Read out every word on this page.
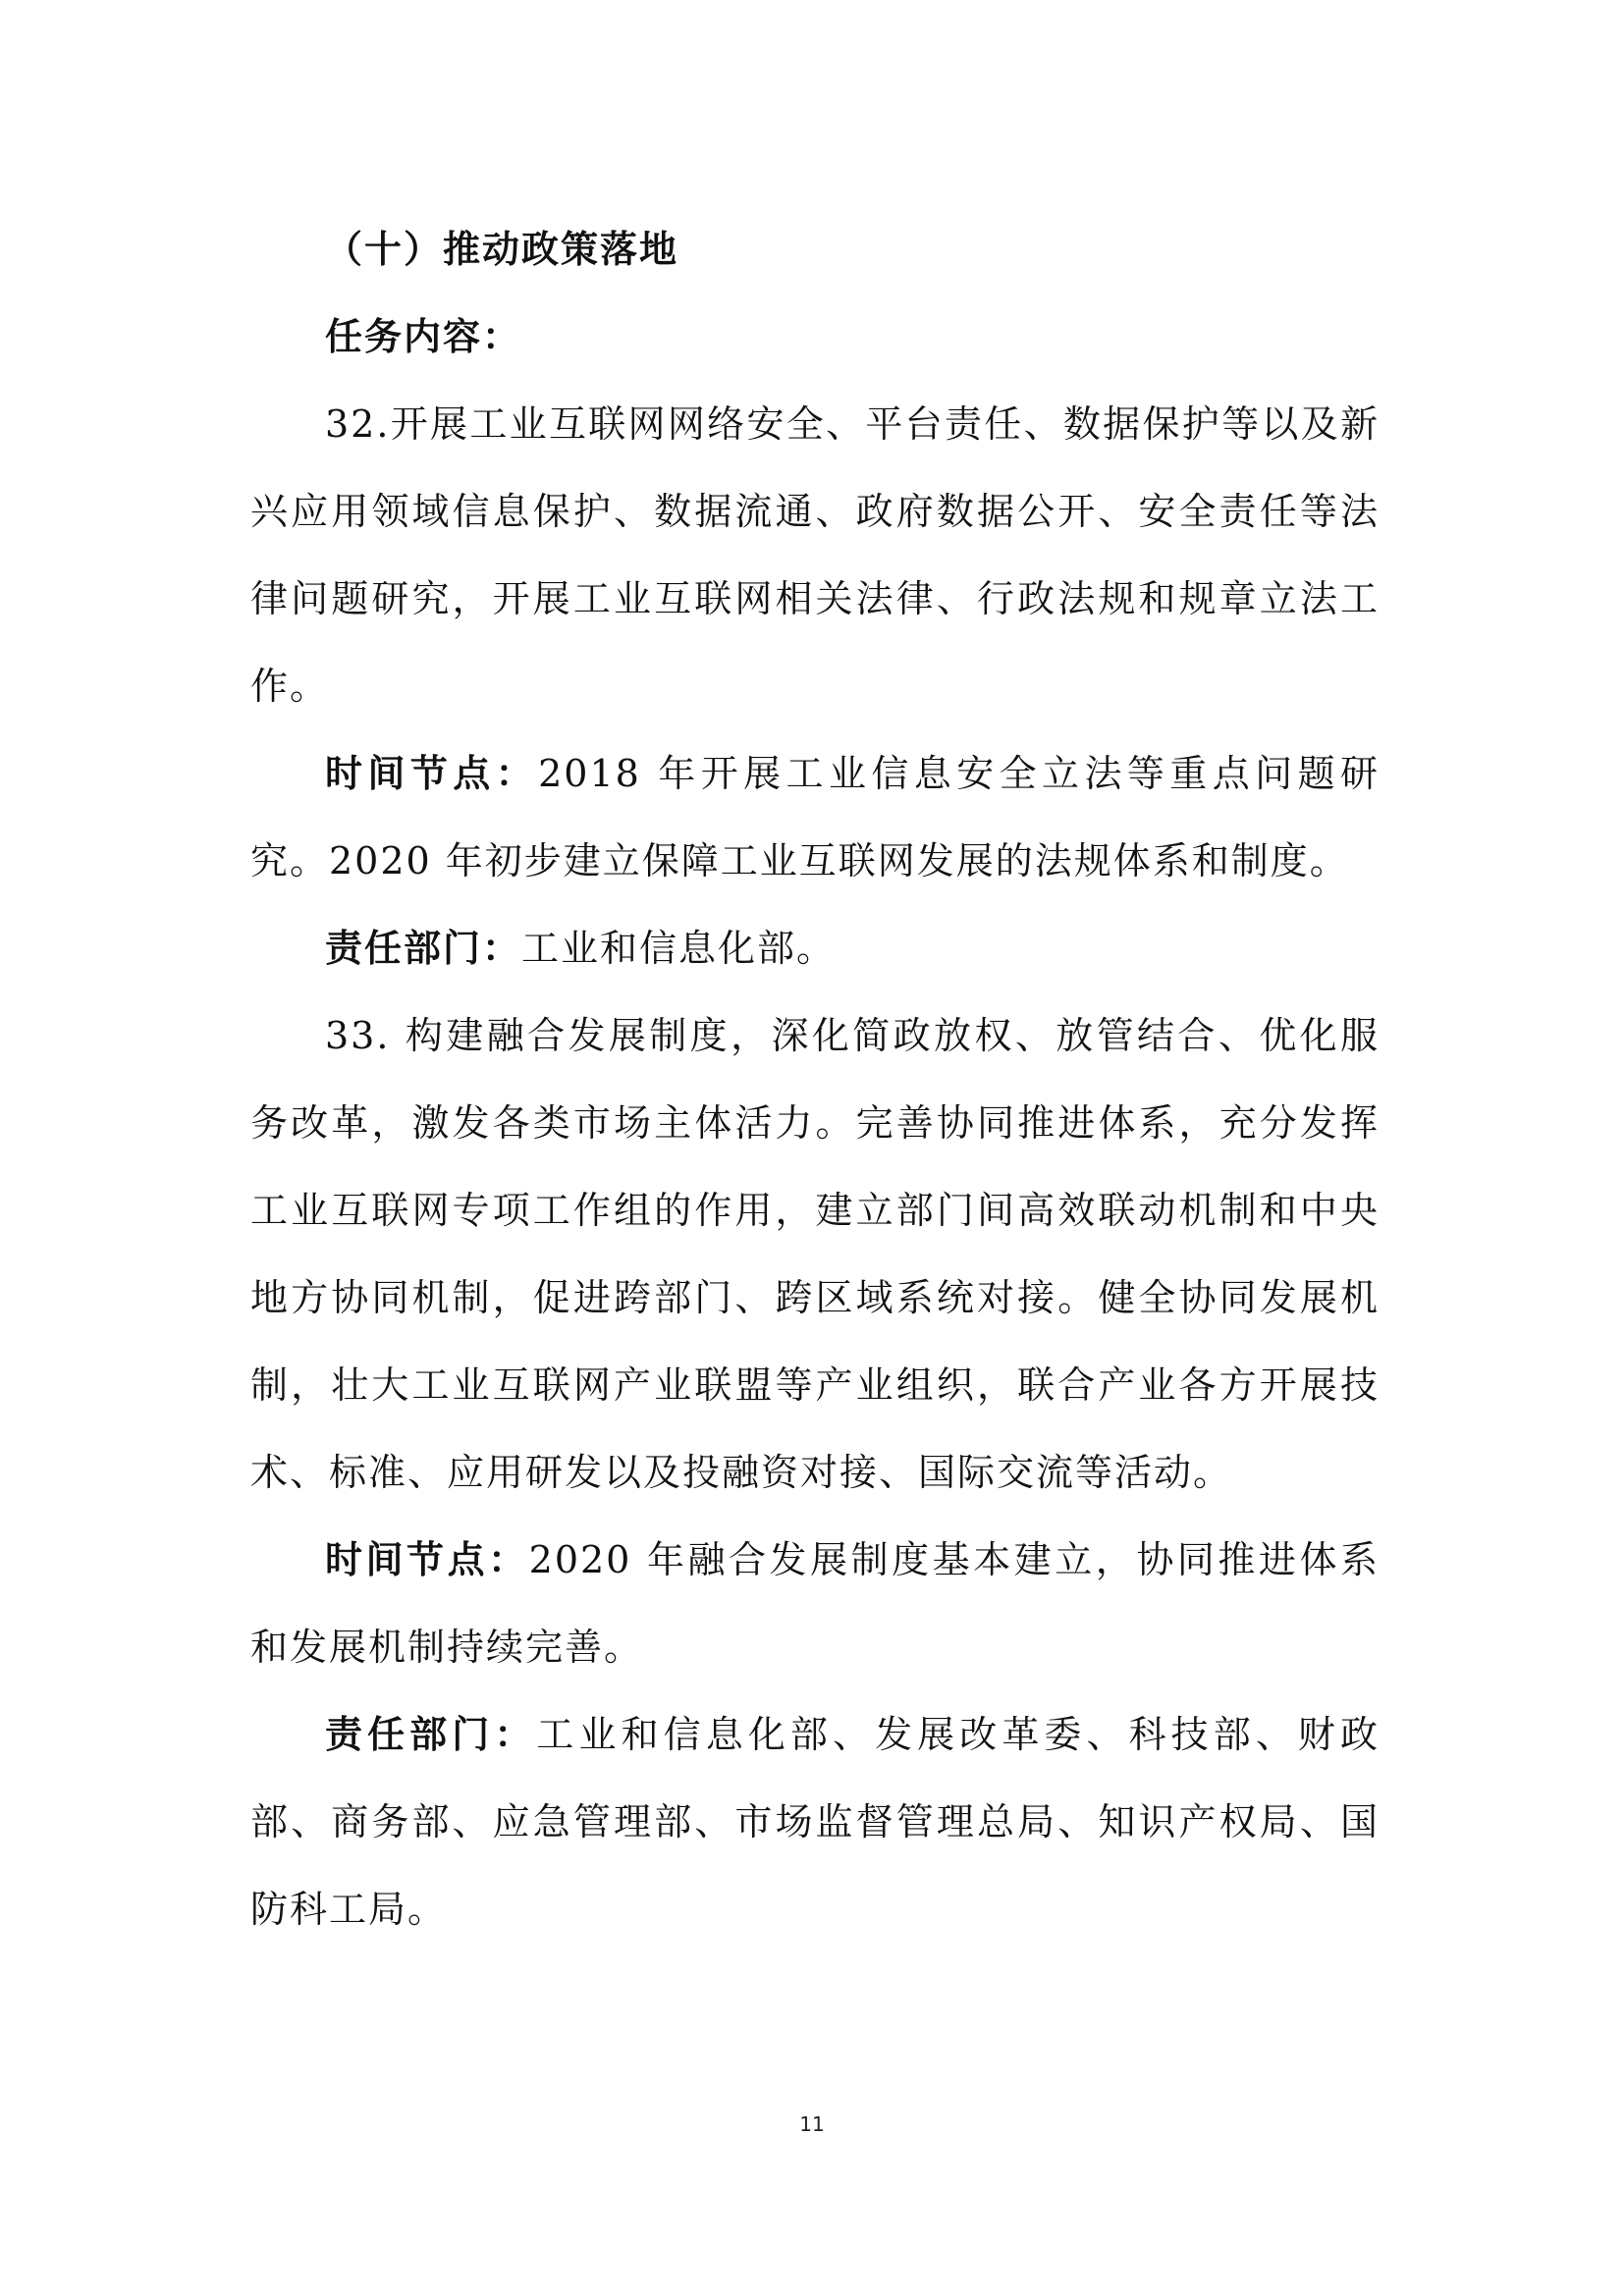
（十）推动政策落地

任务内容：

32.开展工业互联网网络安全、平台责任、数据保护等以及新兴应用领域信息保护、数据流通、政府数据公开、安全责任等法律问题研究，开展工业互联网相关法律、行政法规和规章立法工作。

时间节点：2018 年开展工业信息安全立法等重点问题研究。2020 年初步建立保障工业互联网发展的法规体系和制度。

责任部门：工业和信息化部。

33. 构建融合发展制度，深化简政放权、放管结合、优化服务改革，激发各类市场主体活力。完善协同推进体系，充分发挥工业互联网专项工作组的作用，建立部门间高效联动机制和中央地方协同机制，促进跨部门、跨区域系统对接。健全协同发展机制，壮大工业互联网产业联盟等产业组织，联合产业各方开展技术、标准、应用研发以及投融资对接、国际交流等活动。

时间节点：2020 年融合发展制度基本建立，协同推进体系和发展机制持续完善。

责任部门：工业和信息化部、发展改革委、科技部、财政部、商务部、应急管理部、市场监督管理总局、知识产权局、国防科工局。

11
